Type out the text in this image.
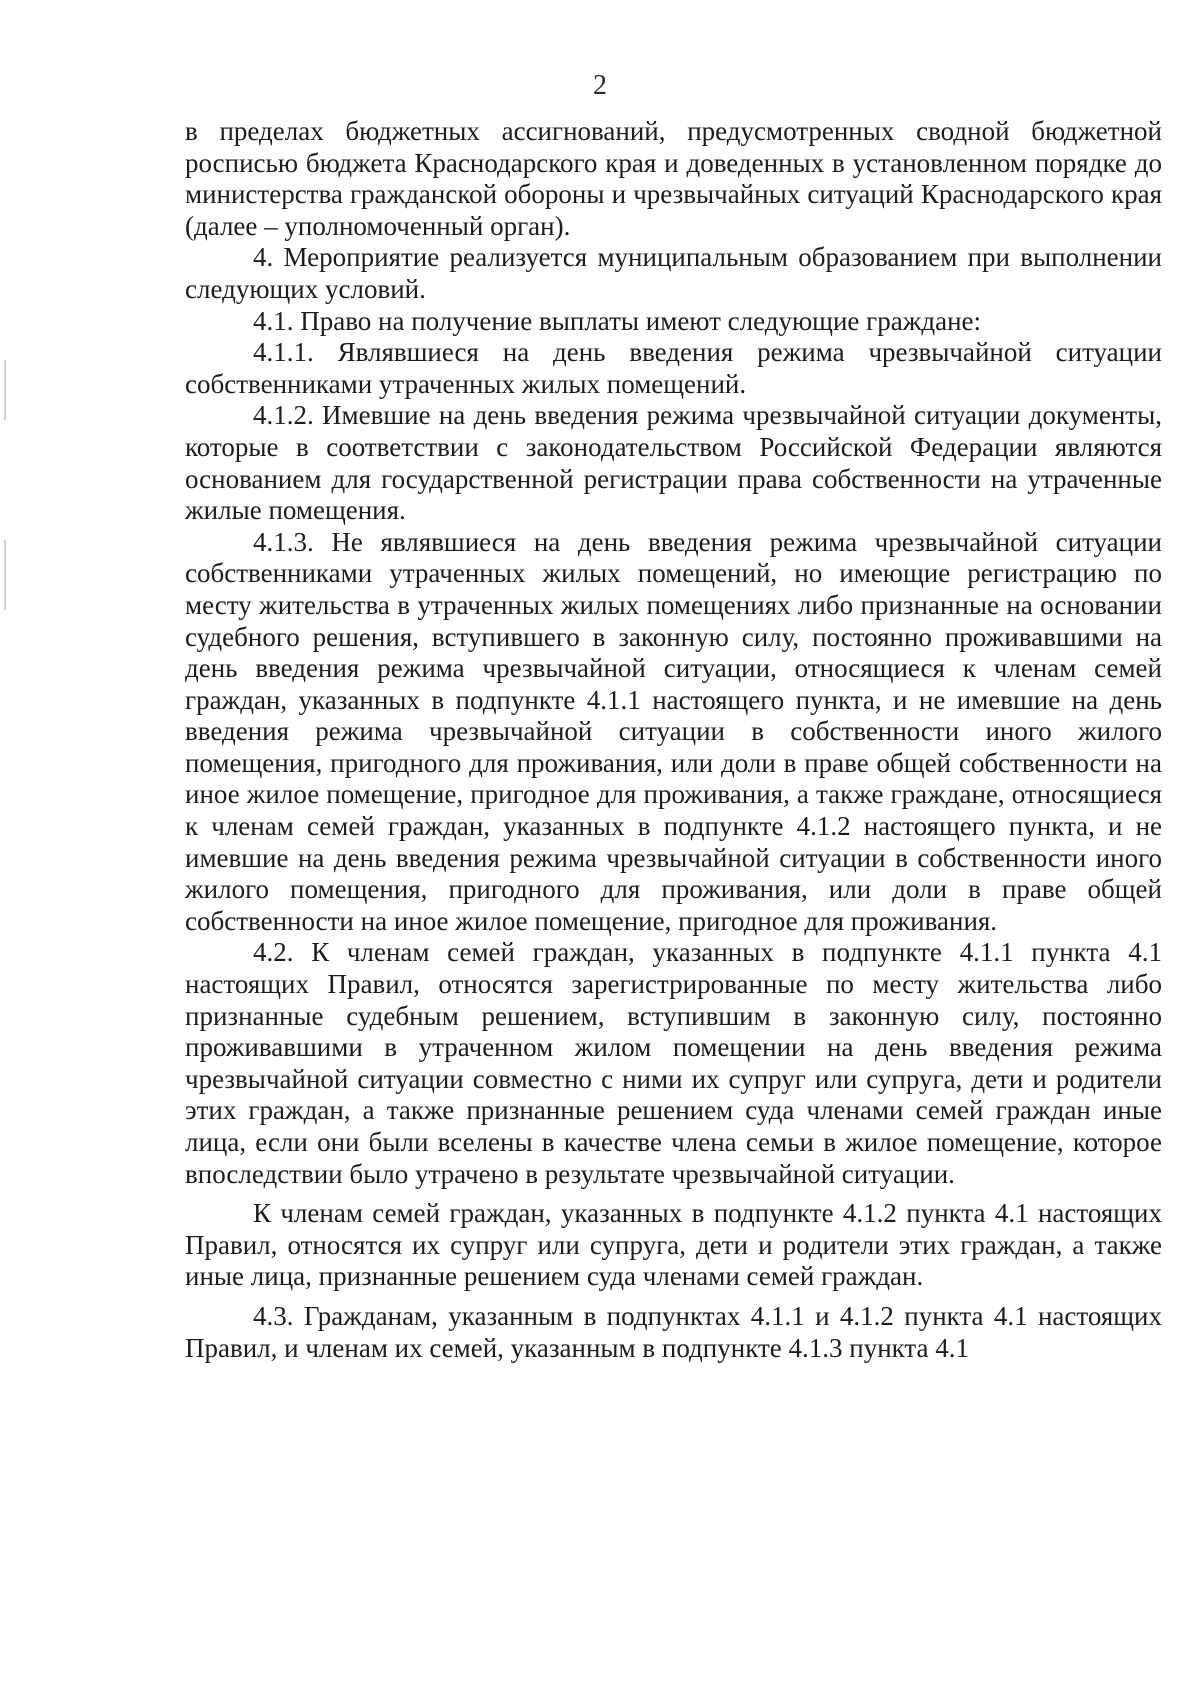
2

в пределах бюджетных ассигнований, предусмотренных сводной бюджетной росписью бюджета Краснодарского края и доведенных в установленном порядке до министерства гражданской обороны и чрезвычайных ситуаций Краснодарского края (далее – уполномоченный орган).

4. Мероприятие реализуется муниципальным образованием при выполнении следующих условий.

4.1. Право на получение выплаты имеют следующие граждане:

4.1.1. Являвшиеся на день введения режима чрезвычайной ситуации собственниками утраченных жилых помещений.

4.1.2. Имевшие на день введения режима чрезвычайной ситуации документы, которые в соответствии с законодательством Российской Федерации являются основанием для государственной регистрации права собственности на утраченные жилые помещения.

4.1.3. Не являвшиеся на день введения режима чрезвычайной ситуации собственниками утраченных жилых помещений, но имеющие регистрацию по месту жительства в утраченных жилых помещениях либо признанные на основании судебного решения, вступившего в законную силу, постоянно проживавшими на день введения режима чрезвычайной ситуации, относящиеся к членам семей граждан, указанных в подпункте 4.1.1 настоящего пункта, и не имевшие на день введения режима чрезвычайной ситуации в собственности иного жилого помещения, пригодного для проживания, или доли в праве общей собственности на иное жилое помещение, пригодное для проживания, а также граждане, относящиеся к членам семей граждан, указанных в подпункте 4.1.2 настоящего пункта, и не имевшие на день введения режима чрезвычайной ситуации в собственности иного жилого помещения, пригодного для проживания, или доли в праве общей собственности на иное жилое помещение, пригодное для проживания.

4.2. К членам семей граждан, указанных в подпункте 4.1.1 пункта 4.1 настоящих Правил, относятся зарегистрированные по месту жительства либо признанные судебным решением, вступившим в законную силу, постоянно проживавшими в утраченном жилом помещении на день введения режима чрезвычайной ситуации совместно с ними их супруг или супруга, дети и родители этих граждан, а также признанные решением суда членами семей граждан иные лица, если они были вселены в качестве члена семьи в жилое помещение, которое впоследствии было утрачено в результате чрезвычайной ситуации.

К членам семей граждан, указанных в подпункте 4.1.2 пункта 4.1 настоящих Правил, относятся их супруг или супруга, дети и родители этих граждан, а также иные лица, признанные решением суда членами семей граждан.

4.3. Гражданам, указанным в подпунктах 4.1.1 и 4.1.2 пункта 4.1 настоящих Правил, и членам их семей, указанным в подпункте 4.1.3 пункта 4.1
